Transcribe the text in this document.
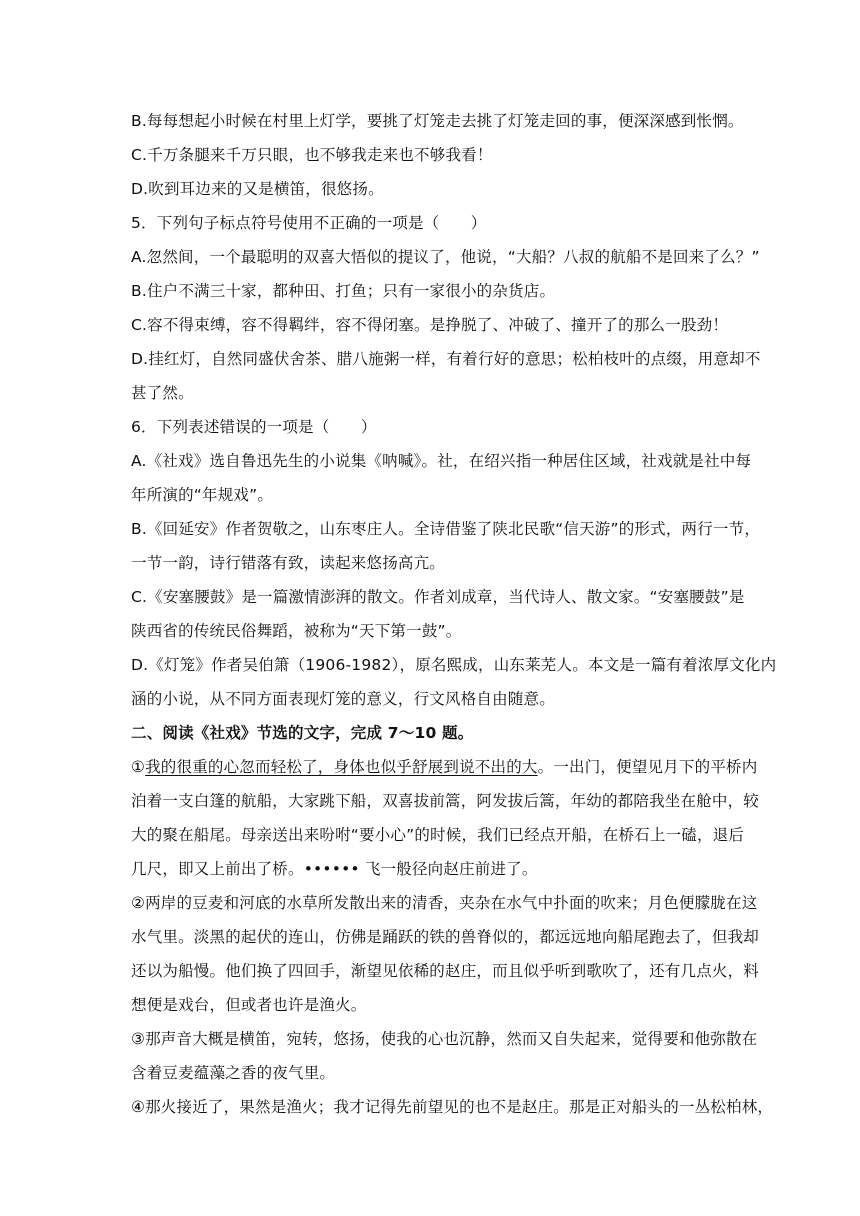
B.每每想起小时候在村里上灯学，要挑了灯笼走去挑了灯笼走回的事，便深深感到怅惘。
C.千万条腿来千万只眼，也不够我走来也不够我看！
D.吹到耳边来的又是横笛，很悠扬。
5．下列句子标点符号使用不正确的一项是（　　）
A.忽然间，一个最聪明的双喜大悟似的提议了，他说，“大船？八叔的航船不是回来了么？”
B.住户不满三十家，都种田、打鱼；只有一家很小的杂货店。
C.容不得束缚，容不得羁绊，容不得闭塞。是挣脱了、冲破了、撞开了的那么一股劲！
D.挂红灯，自然同盛伏舍茶、腊八施粥一样，有着行好的意思；松柏枝叶的点缀，用意却不
甚了然。
6．下列表述错误的一项是（　　）
A.《社戏》选自鲁迅先生的小说集《呐喊》。社，在绍兴指一种居住区域，社戏就是社中每
年所演的“年规戏”。
B.《回延安》作者贺敬之，山东枣庄人。全诗借鉴了陕北民歌“信天游”的形式，两行一节，
一节一韵，诗行错落有致，读起来悠扬高亢。
C.《安塞腰鼓》是一篇激情澎湃的散文。作者刘成章，当代诗人、散文家。“安塞腰鼓”是
陕西省的传统民俗舞蹈，被称为“天下第一鼓”。
D.《灯笼》作者吴伯箫（1906-1982），原名熙成，山东莱芜人。本文是一篇有着浓厚文化内
涵的小说，从不同方面表现灯笼的意义，行文风格自由随意。
二、阅读《社戏》节选的文字，完成 7～10 题。
①我的很重的心忽而轻松了，身体也似乎舒展到说不出的大。一出门，便望见月下的平桥内
泊着一支白篷的航船，大家跳下船，双喜拔前篙，阿发拔后篙，年幼的都陪我坐在舱中，较
大的聚在船尾。母亲送出来吩咐“要小心”的时候，我们已经点开船，在桥石上一磕，退后
几尺，即又上前出了桥。•••••• 飞一般径向赵庄前进了。
②两岸的豆麦和河底的水草所发散出来的清香，夹杂在水气中扑面的吹来；月色便朦胧在这
水气里。淡黑的起伏的连山，仿佛是踊跃的铁的兽脊似的，都远远地向船尾跑去了，但我却
还以为船慢。他们换了四回手，渐望见依稀的赵庄，而且似乎听到歌吹了，还有几点火，料
想便是戏台，但或者也许是渔火。
③那声音大概是横笛，宛转，悠扬，使我的心也沉静，然而又自失起来，觉得要和他弥散在
含着豆麦蕴藻之香的夜气里。
④那火接近了，果然是渔火；我才记得先前望见的也不是赵庄。那是正对船头的一丛松柏林，
